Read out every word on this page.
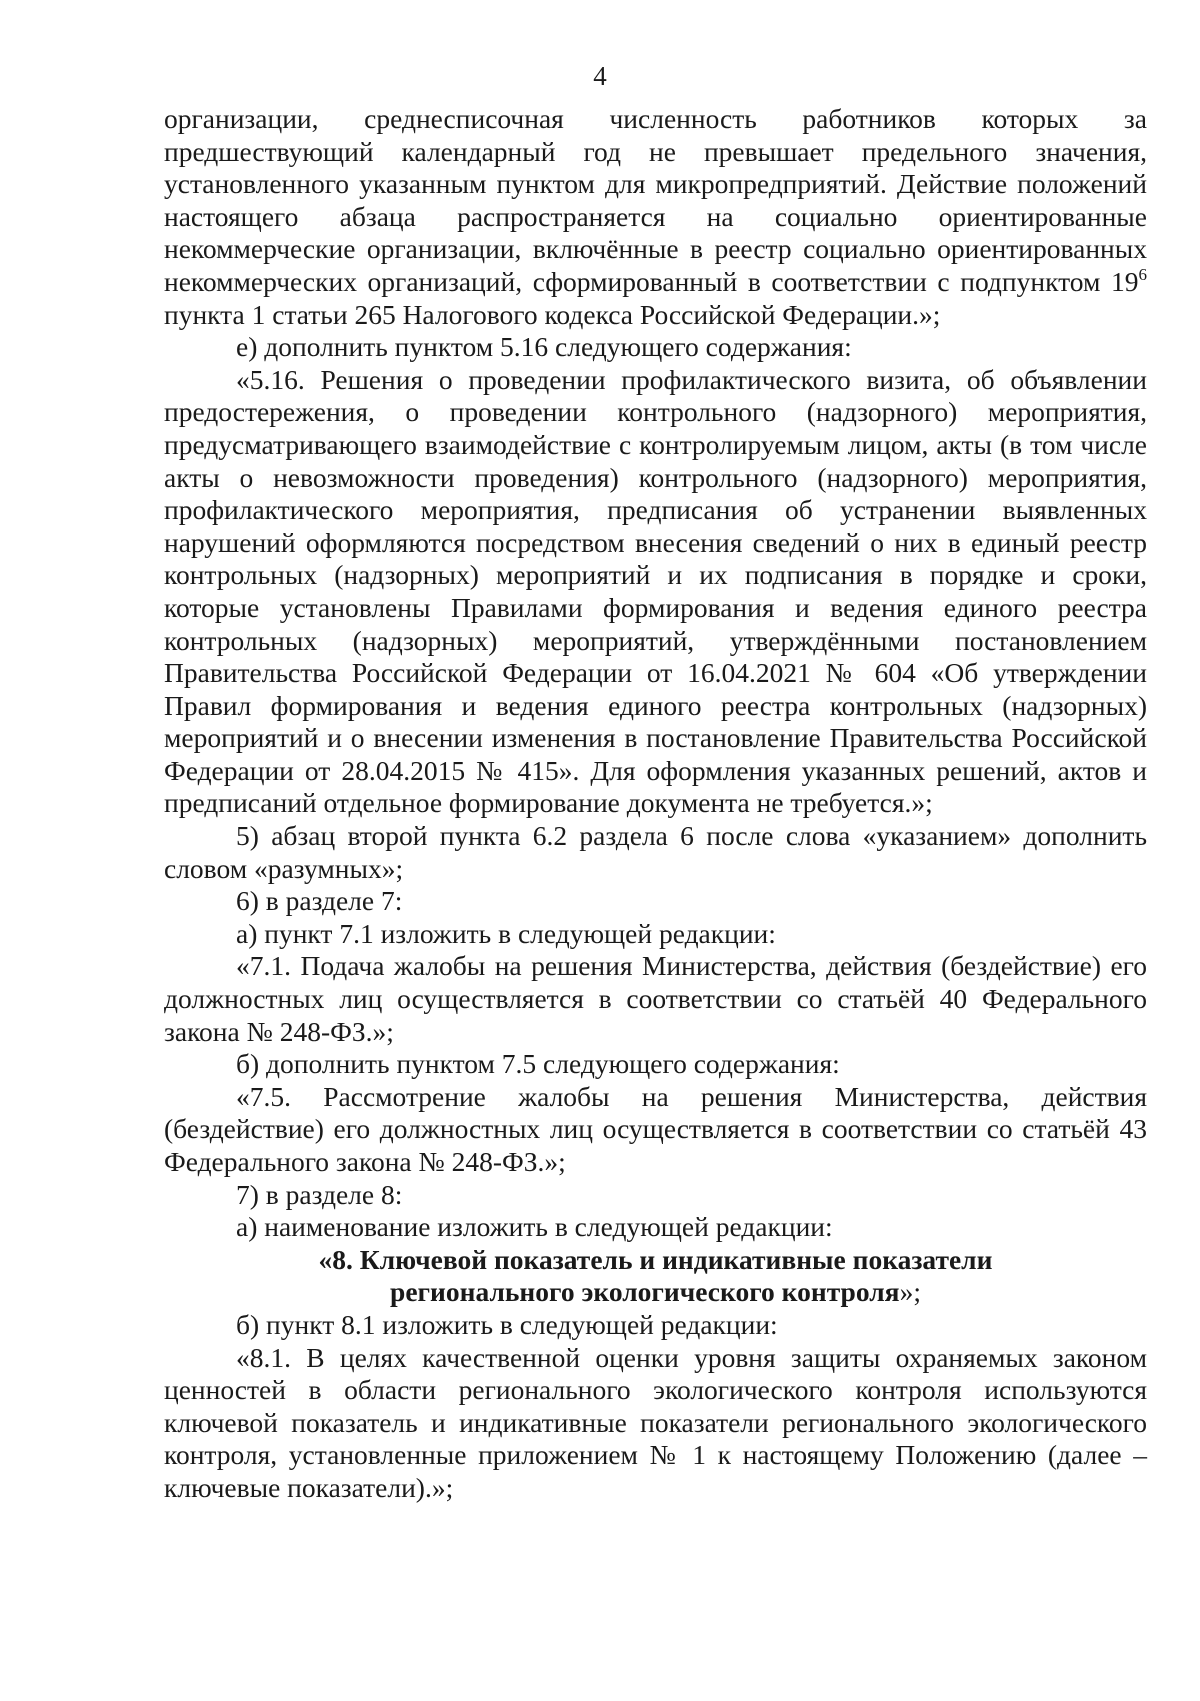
4

организации, среднесписочная численность работников которых за предшествующий календарный год не превышает предельного значения, установленного указанным пунктом для микропредприятий. Действие положений настоящего абзаца распространяется на социально ориентированные некоммерческие организации, включённые в реестр социально ориентированных некоммерческих организаций, сформированный в соответствии с подпунктом $19^6$ пункта 1 статьи 265 Налогового кодекса Российской Федерации.»;

е) дополнить пунктом 5.16 следующего содержания:

«5.16. Решения о проведении профилактического визита, об объявлении предостережения, о проведении контрольного (надзорного) мероприятия, предусматривающего взаимодействие с контролируемым лицом, акты (в том числе акты о невозможности проведения) контрольного (надзорного) мероприятия, профилактического мероприятия, предписания об устранении выявленных нарушений оформляются посредством внесения сведений о них в единый реестр контрольных (надзорных) мероприятий и их подписания в порядке и сроки, которые установлены Правилами формирования и ведения единого реестра контрольных (надзорных) мероприятий, утверждёнными постановлением Правительства Российской Федерации от 16.04.2021 № 604 «Об утверждении Правил формирования и ведения единого реестра контрольных (надзорных) мероприятий и о внесении изменения в постановление Правительства Российской Федерации от 28.04.2015 № 415». Для оформления указанных решений, актов и предписаний отдельное формирование документа не требуется.»;

5) абзац второй пункта 6.2 раздела 6 после слова «указанием» дополнить словом «разумных»;

6) в разделе 7:

а) пункт 7.1 изложить в следующей редакции:

«7.1. Подача жалобы на решения Министерства, действия (бездействие) его должностных лиц осуществляется в соответствии со статьёй 40 Федерального закона № 248-ФЗ.»;

б) дополнить пунктом 7.5 следующего содержания:

«7.5. Рассмотрение жалобы на решения Министерства, действия (бездействие) его должностных лиц осуществляется в соответствии со статьёй 43 Федерального закона № 248-ФЗ.»;

7) в разделе 8:

а) наименование изложить в следующей редакции:

«8. Ключевой показатель и индикативные показатели
регионального экологического контроля»;

б) пункт 8.1 изложить в следующей редакции:

«8.1. В целях качественной оценки уровня защиты охраняемых законом ценностей в области регионального экологического контроля используются ключевой показатель и индикативные показатели регионального экологического контроля, установленные приложением № 1 к настоящему Положению (далее – ключевые показатели).»;
